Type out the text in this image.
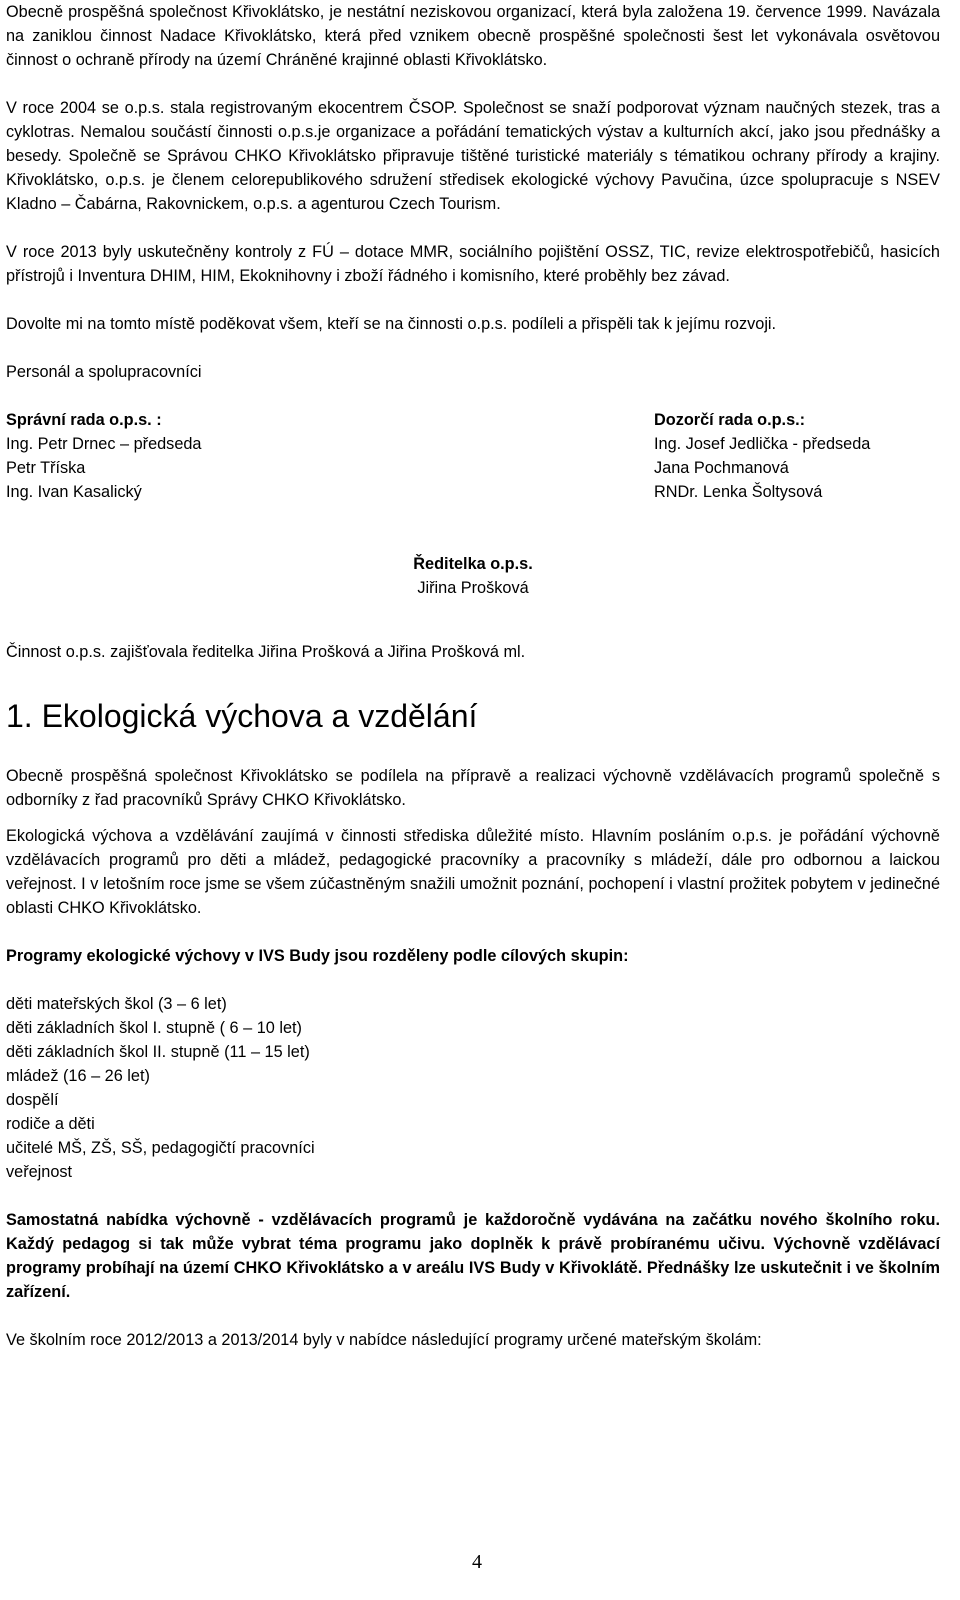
Obecně prospěšná společnost Křivoklátsko, je nestátní neziskovou organizací, která byla založena 19. července 1999. Navázala na zaniklou činnost Nadace Křivoklátsko, která před vznikem obecně prospěšné společnosti šest let vykonávala osvětovou činnost o ochraně přírody na území Chráněné krajinné oblasti Křivoklátsko.

V roce 2004 se o.p.s. stala registrovaným ekocentrem ČSOP. Společnost se snaží podporovat význam naučných stezek, tras a cyklotras. Nemalou součástí činnosti o.p.s.je organizace a pořádání tematických výstav a kulturních akcí, jako jsou přednášky a besedy. Společně se Správou CHKO Křivoklátsko připravuje tištěné turistické materiály s tématikou ochrany přírody a krajiny. Křivoklátsko, o.p.s. je členem celorepublikového sdružení středisek ekologické výchovy Pavučina, úzce spolupracuje s NSEV Kladno – Čabárna, Rakovnickem, o.p.s. a agenturou Czech Tourism.

V roce 2013 byly uskutečněny kontroly z FÚ – dotace MMR, sociálního pojištění OSSZ, TIC, revize elektrospotřebičů, hasicích přístrojů i Inventura DHIM, HIM, Ekoknihovny i zboží řádného i komisního, které proběhly bez závad.

Dovolte mi na tomto místě poděkovat všem, kteří se na činnosti o.p.s. podíleli a přispěli tak k jejímu rozvoji.

Personál a spolupracovníci

Správní rada o.p.s. :

Ing. Petr Drnec – předseda

Petr Tříska

Ing. Ivan Kasalický

Dozorčí rada o.p.s.:

Ing. Josef Jedlička - předseda

Jana Pochmanová

RNDr. Lenka Šoltysová

Ředitelka o.p.s.

Jiřina Prošková

Činnost o.p.s. zajišťovala ředitelka Jiřina Prošková a Jiřina Prošková ml.

1. Ekologická výchova a vzdělání

Obecně prospěšná společnost Křivoklátsko se podílela na přípravě a realizaci výchovně vzdělávacích programů společně s odborníky z řad pracovníků Správy CHKO Křivoklátsko.

Ekologická výchova a vzdělávání zaujímá v činnosti střediska důležité místo. Hlavním posláním o.p.s. je pořádání výchovně vzdělávacích programů pro děti a mládež, pedagogické pracovníky a pracovníky s mládeží, dále pro odbornou a laickou veřejnost. I v letošním roce jsme se všem zúčastněným snažili umožnit poznání, pochopení i vlastní prožitek pobytem v jedinečné oblasti CHKO Křivoklátsko.

Programy ekologické výchovy v IVS Budy jsou rozděleny podle cílových skupin:

děti mateřských škol (3 – 6 let)

děti základních škol I. stupně ( 6 – 10 let)

děti základních škol II. stupně (11 – 15 let)

mládež (16 – 26 let)

dospělí

rodiče a děti

učitelé MŠ, ZŠ, SŠ, pedagogičtí pracovníci

veřejnost

Samostatná nabídka výchovně - vzdělávacích programů je každoročně vydávána na začátku nového školního roku. Každý pedagog si tak může vybrat téma programu jako doplněk k právě probíranému učivu. Výchovně vzdělávací programy probíhají na území CHKO Křivoklátsko a v areálu IVS Budy v Křivoklátě. Přednášky lze uskutečnit i ve školním zařízení.

Ve školním roce 2012/2013 a 2013/2014 byly v nabídce následující programy určené mateřským školám:

4
